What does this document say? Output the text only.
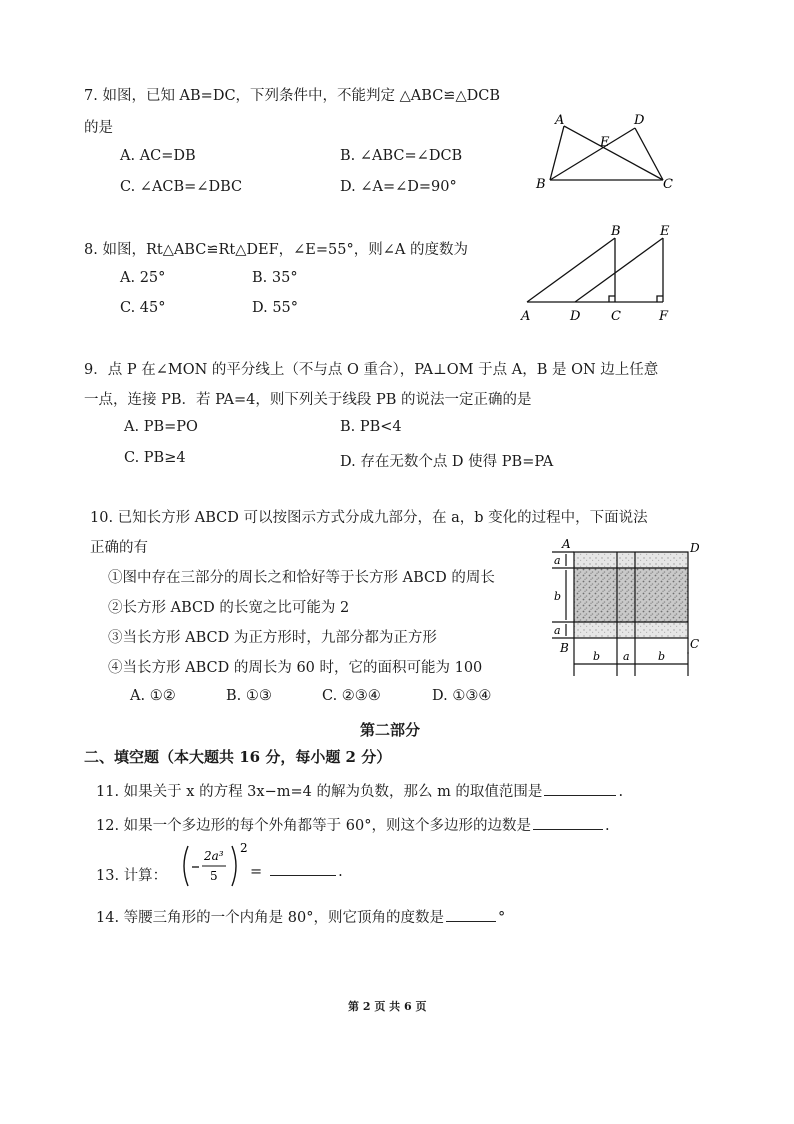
7. 如图，已知 AB=DC，下列条件中，不能判定 △ABC≌△DCB
的是
A. AC=DB	B. ∠ABC=∠DCB
C. ∠ACB=∠DBC	D. ∠A=∠D=90°
A	D
E
B	C
8. 如图，Rt△ABC≌Rt△DEF，∠E=55°，则∠A 的度数为
A. 25°	B. 35°
C. 45°	D. 55°
B	E
A	D C	F
9．点 P 在∠MON 的平分线上（不与点 O 重合），PA⊥OM 于点 A，B 是 ON 边上任意
一点，连接 PB．若 PA=4，则下列关于线段 PB 的说法一定正确的是
A. PB=PO	B. PB<4
C. PB≥4	D. 存在无数个点 D 使得 PB=PA
10. 已知长方形 ABCD 可以按图示方式分成九部分，在 a，b 变化的过程中，下面说法
正确的有
①图中存在三部分的周长之和恰好等于长方形 ABCD 的周长
②长方形 ABCD 的长宽之比可能为 2
③当长方形 ABCD 为正方形时，九部分都为正方形
④当长方形 ABCD 的周长为 60 时，它的面积可能为 100
A. ①②	B. ①③	C. ②③④	D. ①③④
A	D
B	C
a
b
a
b a	b
第二部分
二、填空题（本大题共 16 分，每小题 2 分）
11. 如果关于 x 的方程 3x−m=4 的解为负数，那么 m 的取值范围是	.
12. 如果一个多边形的每个外角都等于 60°，则这个多边形的边数是	.
13. 计算：
2a³
5
2
=	.
14. 等腰三角形的一个内角是 80°，则它顶角的度数是	°
第 2 页 共 6 页
